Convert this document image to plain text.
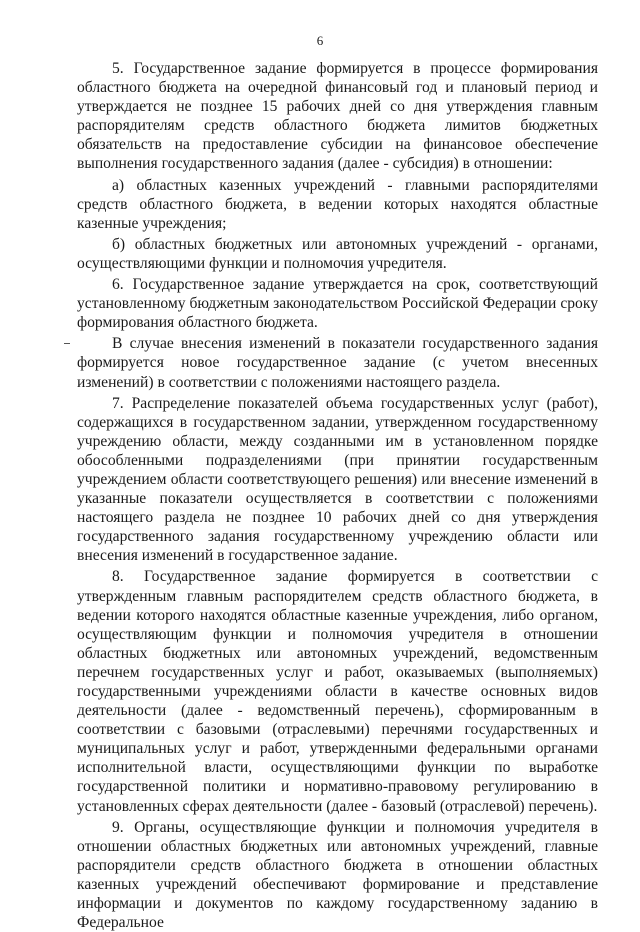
6

5. Государственное задание формируется в процессе формирования областного бюджета на очередной финансовый год и плановый период и утверждается не позднее 15 рабочих дней со дня утверждения главным распорядителям средств областного бюджета лимитов бюджетных обязательств на предоставление субсидии на финансовое обеспечение выполнения государственного задания (далее - субсидия) в отношении:

а) областных казенных учреждений - главными распорядителями средств областного бюджета, в ведении которых находятся областные казенные учреждения;

б) областных бюджетных или автономных учреждений - органами, осуществляющими функции и полномочия учредителя.

6. Государственное задание утверждается на срок, соответствующий установленному бюджетным законодательством Российской Федерации сроку формирования областного бюджета.

В случае внесения изменений в показатели государственного задания формируется новое государственное задание (с учетом внесенных изменений) в соответствии с положениями настоящего раздела.

7. Распределение показателей объема государственных услуг (работ), содержащихся в государственном задании, утвержденном государственному учреждению области, между созданными им в установленном порядке обособленными подразделениями (при принятии государственным учреждением области соответствующего решения) или внесение изменений в указанные показатели осуществляется в соответствии с положениями настоящего раздела не позднее 10 рабочих дней со дня утверждения государственного задания государственному учреждению области или внесения изменений в государственное задание.

8. Государственное задание формируется в соответствии с утвержденным главным распорядителем средств областного бюджета, в ведении которого находятся областные казенные учреждения, либо органом, осуществляющим функции и полномочия учредителя в отношении областных бюджетных или автономных учреждений, ведомственным перечнем государственных услуг и работ, оказываемых (выполняемых) государственными учреждениями области в качестве основных видов деятельности (далее - ведомственный перечень), сформированным в соответствии с базовыми (отраслевыми) перечнями государственных и муниципальных услуг и работ, утвержденными федеральными органами исполнительной власти, осуществляющими функции по выработке государственной политики и нормативно-правовому регулированию в установленных сферах деятельности (далее - базовый (отраслевой) перечень).

9. Органы, осуществляющие функции и полномочия учредителя в отношении областных бюджетных или автономных учреждений, главные распорядители средств областного бюджета в отношении областных казенных учреждений обеспечивают формирование и представление информации и документов по каждому государственному заданию в Федеральное
